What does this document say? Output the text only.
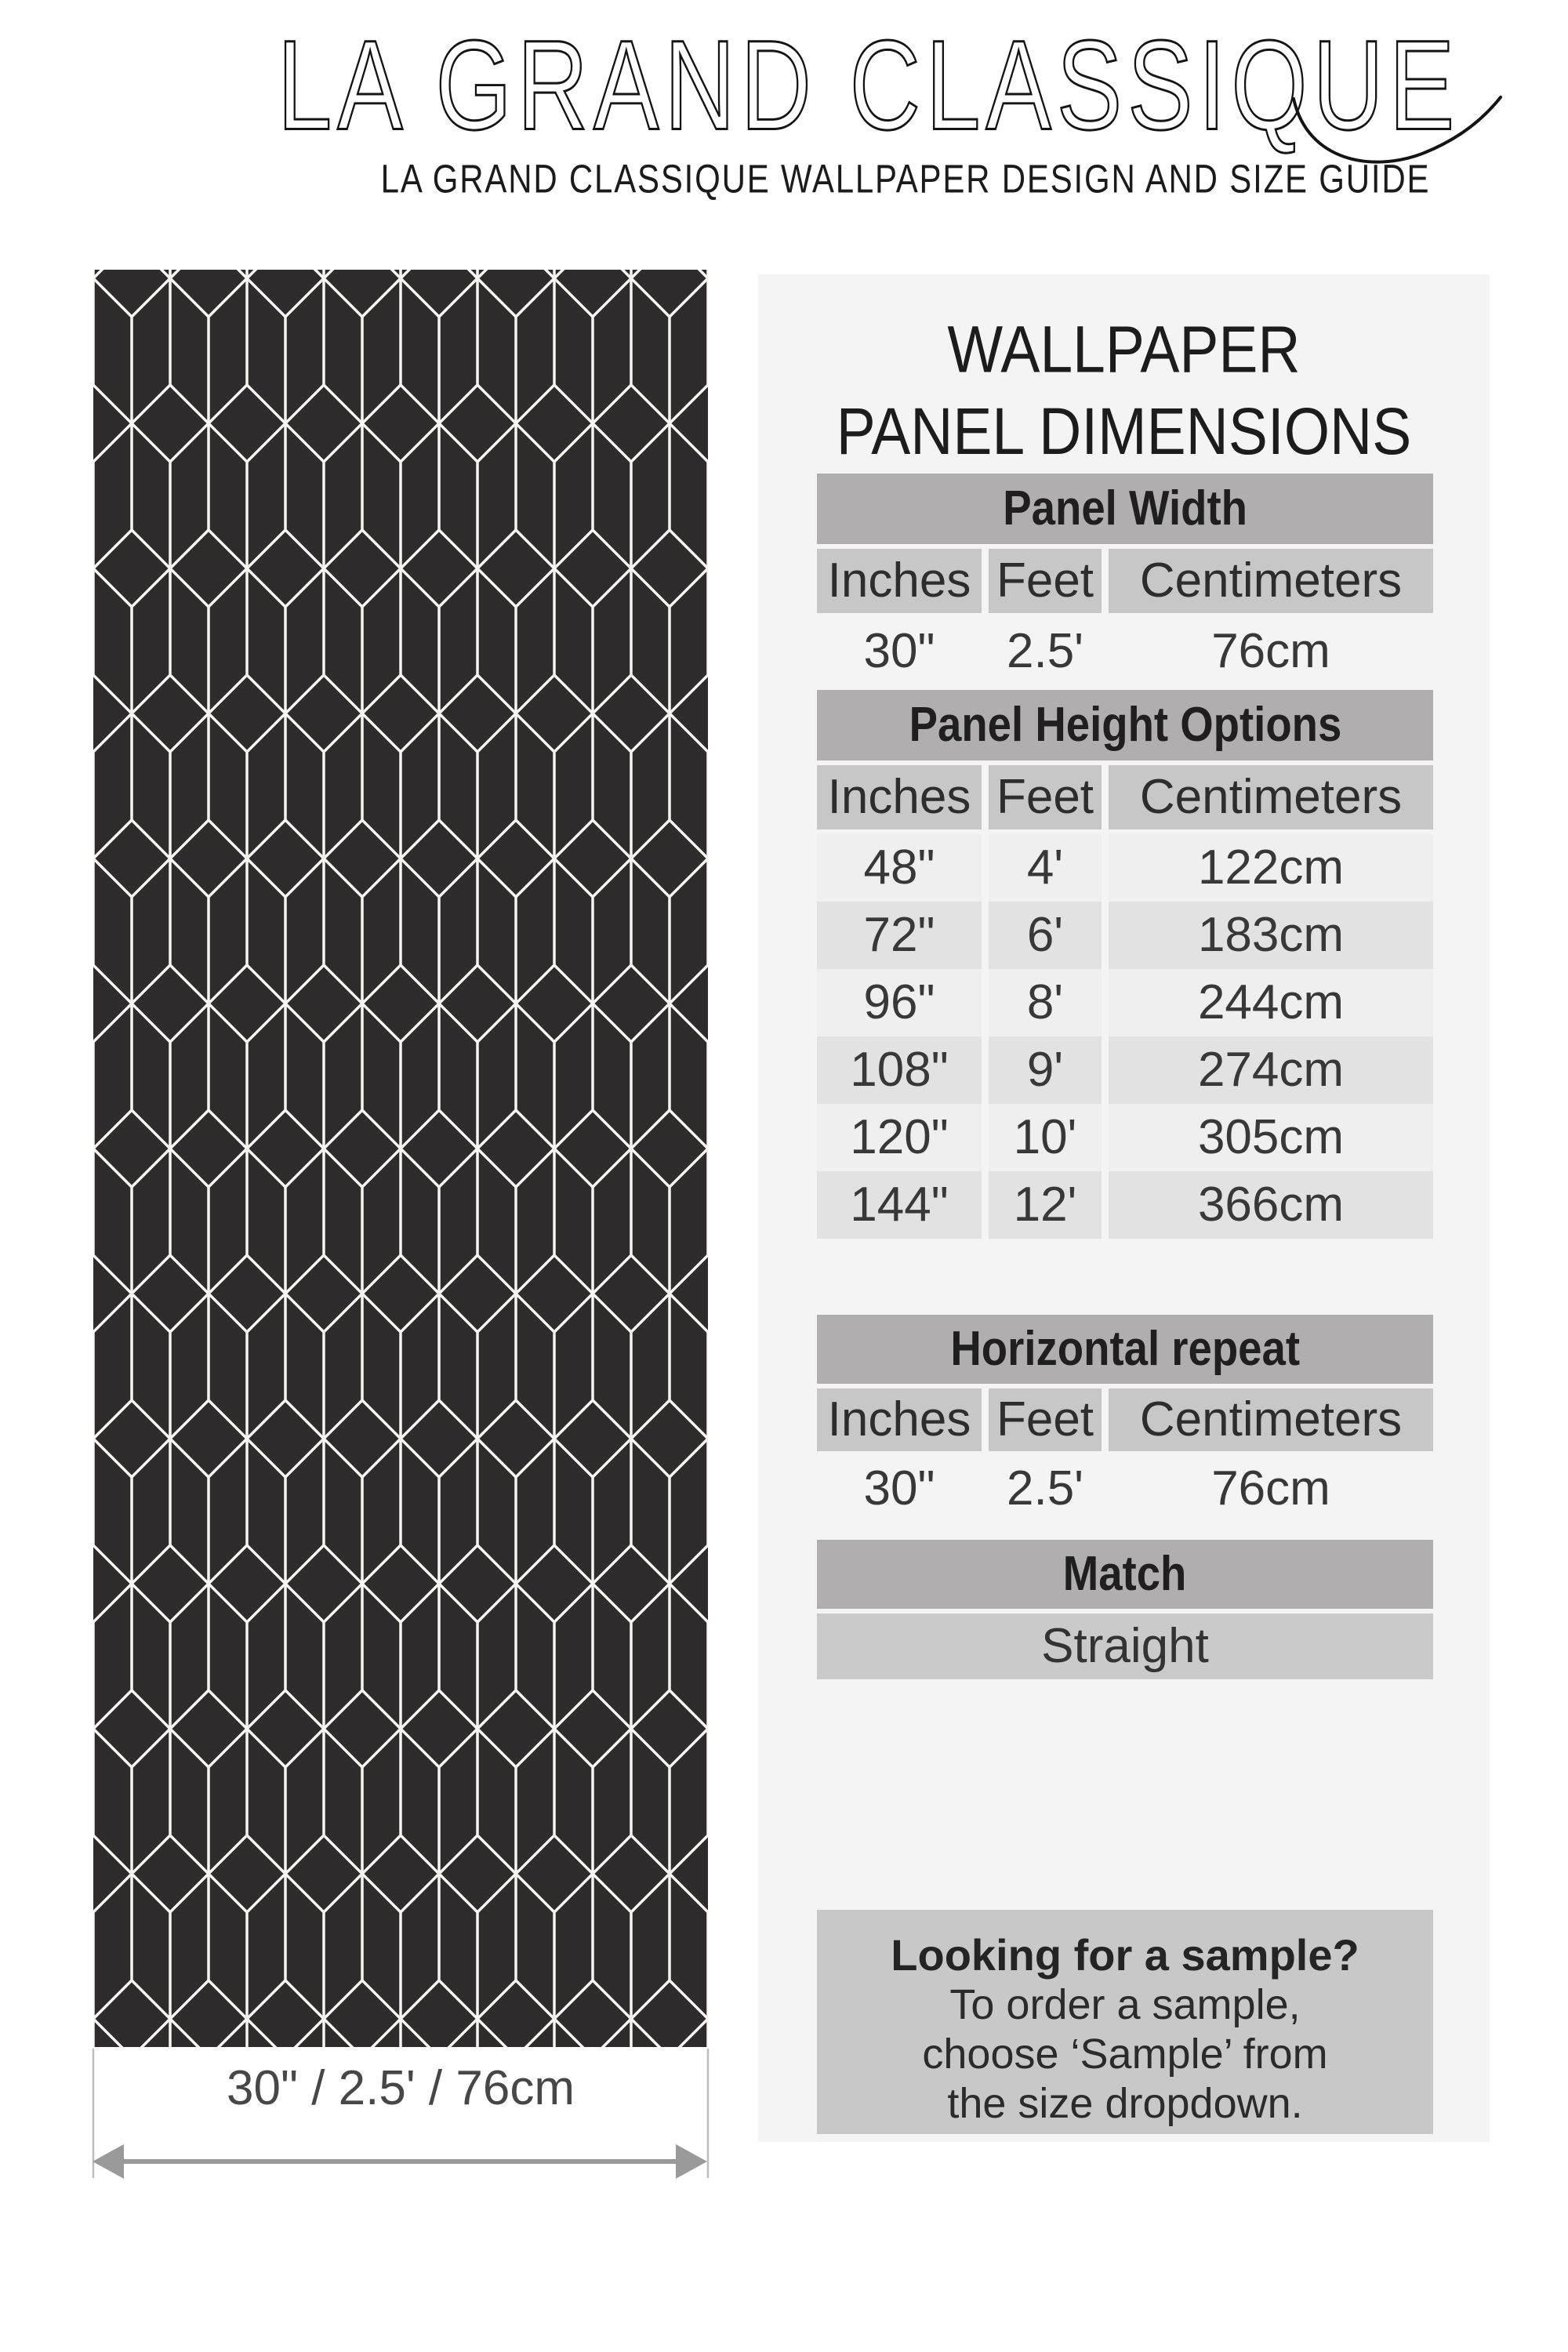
LA GRAND CLASSIQUE
LA GRAND CLASSIQUE WALLPAPER DESIGN AND SIZE GUIDE
WALLPAPER
PANEL DIMENSIONS
Panel Width
Inches Feet Centimeters
30"	2.5'	76cm
Panel Height Options
Inches Feet Centimeters
48"	4'	122cm
72"	6'	183cm
96"	8'	244cm
108"	9'	274cm
120"	10'	305cm
144"	12'	366cm
Horizontal repeat
Inches Feet Centimeters
30"	2.5'	76cm
Match
Straight
Looking for a sample?
To order a sample,
choose ‘Sample’ from
the size dropdown.
30" / 2.5' / 76cm
